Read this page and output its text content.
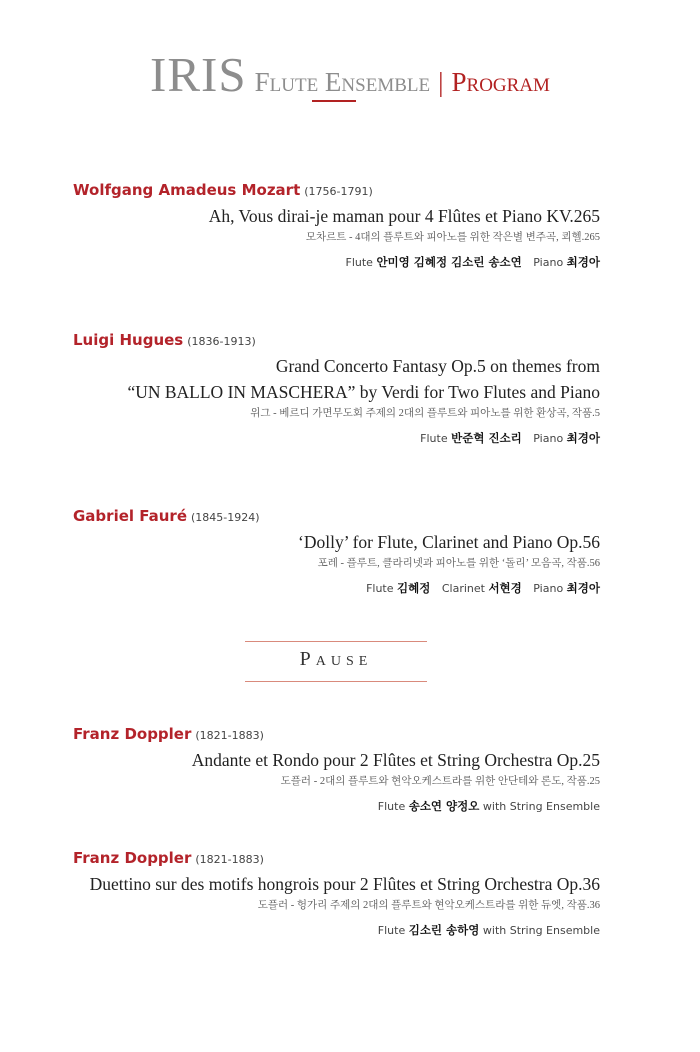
IRIS Flute Ensemble | Program
Wolfgang Amadeus Mozart (1756-1791)
Ah, Vous dirai-je maman pour 4 Flûtes et Piano KV.265
모차르트 - 4대의 플루트와 피아노를 위한 작은별 변주곡, 쾨헬.265
Flute 안미영 김혜정 김소린 송소연 Piano 최경아
Luigi Hugues (1836-1913)
Grand Concerto Fantasy Op.5 on themes from
“UN BALLO IN MASCHERA” by Verdi for Two Flutes and Piano
위그 - 베르디 가면무도회 주제의 2대의 플루트와 피아노를 위한 환상곡, 작품.5
Flute 반준혁 진소리 Piano 최경아
Gabriel Fauré (1845-1924)
‘Dolly’ for Flute, Clarinet and Piano Op.56
포레 - 플루트, 클라리넷과 피아노를 위한 ‘돌리’ 모음곡, 작품.56
Flute 김혜정 Clarinet 서현경 Piano 최경아
Pause
Franz Doppler (1821-1883)
Andante et Rondo pour 2 Flûtes et String Orchestra Op.25
도플러 - 2대의 플루트와 현악오케스트라를 위한 안단테와 론도, 작품.25
Flute 송소연 양정오 with String Ensemble
Franz Doppler (1821-1883)
Duettino sur des motifs hongrois pour 2 Flûtes et String Orchestra Op.36
도플러 - 헝가리 주제의 2대의 플루트와 현악오케스트라를 위한 듀엣, 작품.36
Flute 김소린 송하영 with String Ensemble
